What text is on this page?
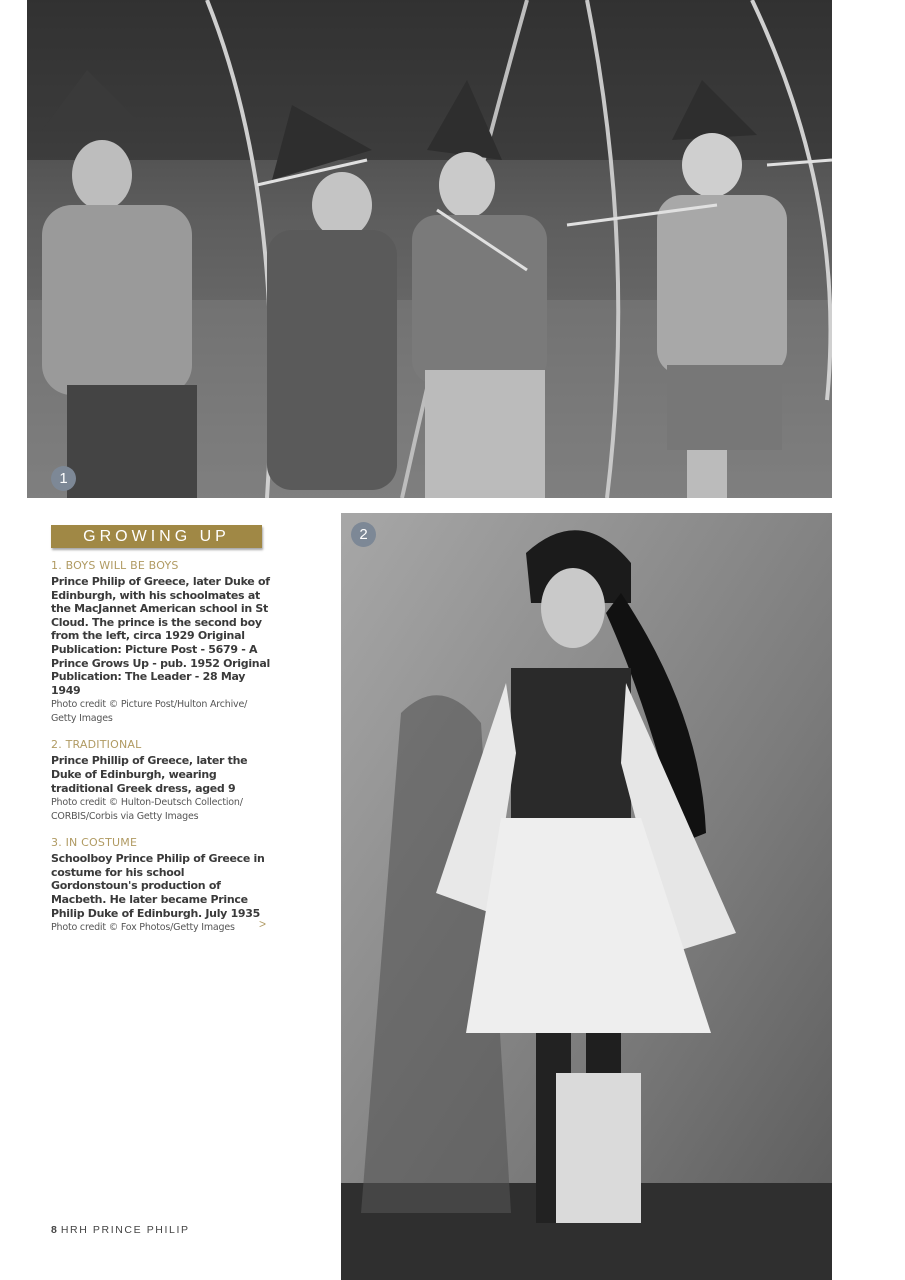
1
2
GROWING UP

1. BOYS WILL BE BOYS

Prince Philip of Greece, later Duke of Edinburgh, with his schoolmates at the MacJannet American school in St Cloud. The prince is the second boy from the left, circa 1929 Original Publication: Picture Post - 5679 - A Prince Grows Up - pub. 1952 Original Publication: The Leader - 28 May 1949

Photo credit © Picture Post/Hulton Archive/ Getty Images

2. TRADITIONAL

Prince Phillip of Greece, later the Duke of Edinburgh, wearing traditional Greek dress, aged 9

Photo credit © Hulton-Deutsch Collection/ CORBIS/Corbis via Getty Images

3. IN COSTUME

Schoolboy Prince Philip of Greece in costume for his school Gordonstoun's production of Macbeth. He later became Prince Philip Duke of Edinburgh. July 1935

Photo credit © Fox Photos/Getty Images	>
8 HRH PRINCE PHILIP
